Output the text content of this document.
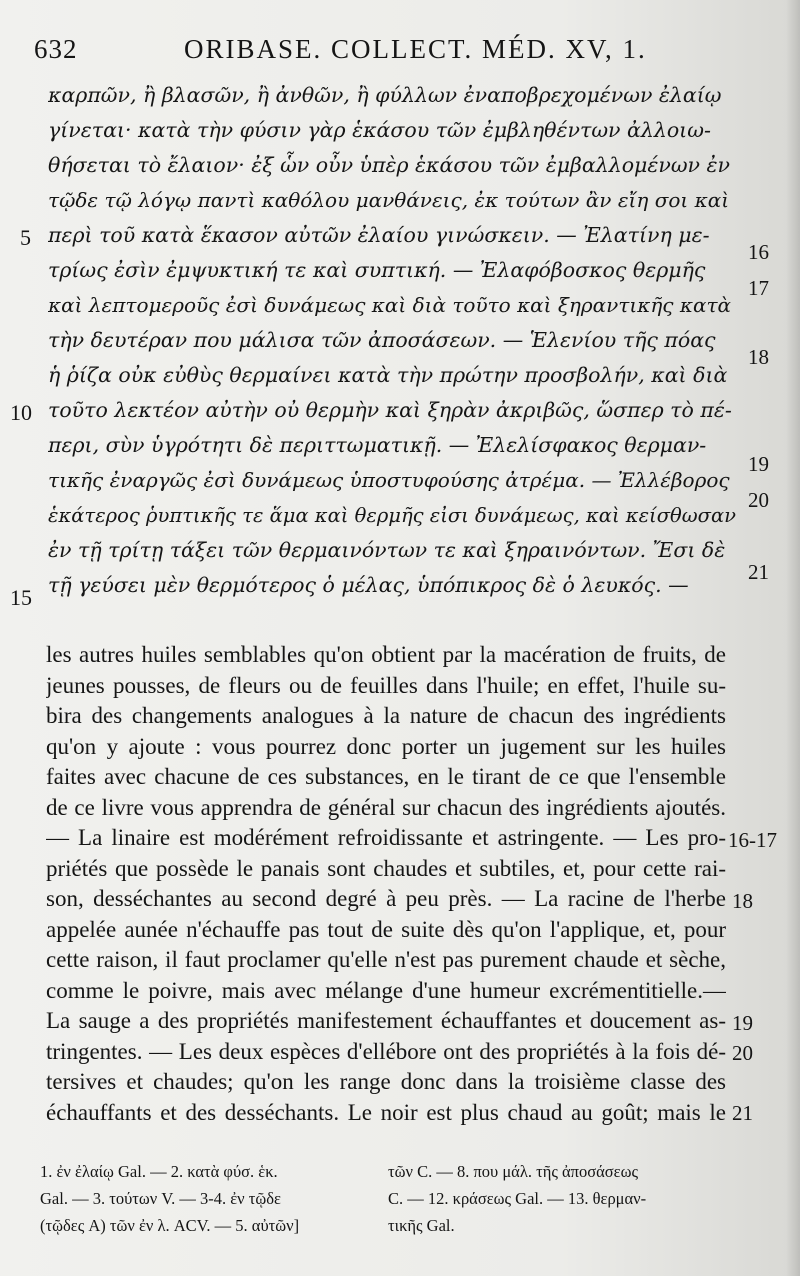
632	ORIBASE. COLLECT. MÉD. XV, 1.
καρπῶν, ἢ βλασῶν, ἢ ἀνθῶν, ἢ φύλλων ἐναποβρεχομένων ἐλαίῳ
γίνεται· κατὰ τὴν φύσιν γὰρ ἑκάσου τῶν ἐμβληθέντων ἀλλοιω-
θήσεται τὸ ἔλαιον· ἐξ ὧν οὖν ὑπὲρ ἑκάσου τῶν ἐμβαλλομένων ἐν
τῷδε τῷ λόγῳ παντὶ καθόλου μανθάνεις, ἐκ τούτων ἂν εἴη σοι καὶ
περὶ τοῦ κατὰ ἕκασον αὐτῶν ἐλαίου γινώσκειν. — Ἐλατίνη με-
τρίως ἐσὶν ἐμψυκτική τε καὶ συπτική. — Ἐλαφόβοσκος θερμῆς
καὶ λεπτομεροῦς ἐσὶ δυνάμεως καὶ διὰ τοῦτο καὶ ξηραντικῆς κατὰ
τὴν δευτέραν που μάλισα τῶν ἀποσάσεων. — Ἑλενίου τῆς πόας
ἡ ῥίζα οὐκ εὐθὺς θερμαίνει κατὰ τὴν πρώτην προσβολήν, καὶ διὰ
τοῦτο λεκτέον αὐτὴν οὐ θερμὴν καὶ ξηρὰν ἀκριβῶς, ὥσπερ τὸ πέ-
περι, σὺν ὑγρότητι δὲ περιττωματικῇ. — Ἐλελίσφακος θερμαν-
τικῆς ἐναργῶς ἐσὶ δυνάμεως ὑποστυφούσης ἀτρέμα. — Ἐλλέβορος
ἑκάτερος ῥυπτικῆς τε ἅμα καὶ θερμῆς εἰσι δυνάμεως, καὶ κείσθωσαν
ἐν τῇ τρίτῃ τάξει τῶν θερμαινόντων τε καὶ ξηραινόντων. Ἔσι δὲ
τῇ γεύσει μὲν θερμότερος ὁ μέλας, ὑπόπικρος δὲ ὁ λευκός. —
5
10
15
16
17
18
19
20
21
les autres huiles semblables qu'on obtient par la macération de fruits, de
jeunes pousses, de fleurs ou de feuilles dans l'huile; en effet, l'huile su-
bira des changements analogues à la nature de chacun des ingrédients
qu'on y ajoute : vous pourrez donc porter un jugement sur les huiles
faites avec chacune de ces substances, en le tirant de ce que l'ensemble
de ce livre vous apprendra de général sur chacun des ingrédients ajoutés.
— La linaire est modérément refroidissante et astringente. — Les pro-
priétés que possède le panais sont chaudes et subtiles, et, pour cette rai-
son, desséchantes au second degré à peu près. — La racine de l'herbe
appelée aunée n'échauffe pas tout de suite dès qu'on l'applique, et, pour
cette raison, il faut proclamer qu'elle n'est pas purement chaude et sèche,
comme le poivre, mais avec mélange d'une humeur excrémentitielle.—
La sauge a des propriétés manifestement échauffantes et doucement as-
tringentes. — Les deux espèces d'ellébore ont des propriétés à la fois dé-
tersives et chaudes; qu'on les range donc dans la troisième classe des
échauffants et des desséchants. Le noir est plus chaud au goût; mais le
16-17
18
19
20
21
1. ἐν ἐλαίῳ Gal. — 2. κατὰ φύσ. ἑκ.
Gal. — 3. τούτων V. — 3-4. ἐν τῷδε
(τῷδες A) τῶν ἐν λ. ACV. — 5. αὐτῶν]
τῶν C. — 8. που μάλ. τῆς ἀποσάσεως
C. — 12. κράσεως Gal. — 13. θερμαν-
τικῆς Gal.
